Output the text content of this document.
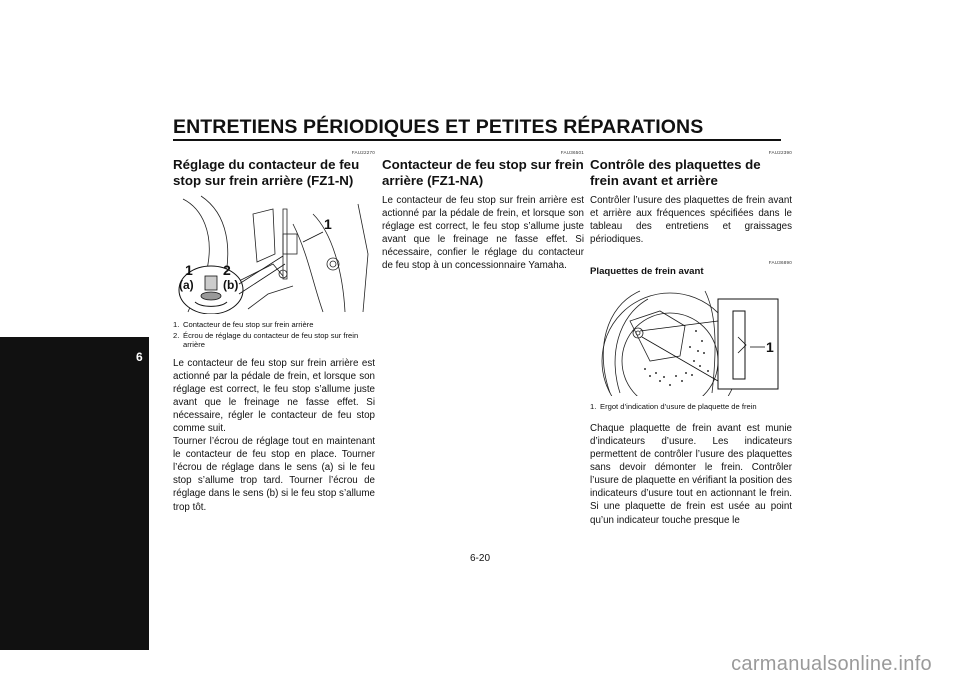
ENTRETIENS PÉRIODIQUES ET PETITES RÉPARATIONS
6
FAU22270
Réglage du contacteur de feu stop sur frein arrière (FZ1-N)
1
1 2
(a) (b)
1. Contacteur de feu stop sur frein arrière
2. Écrou de réglage du contacteur de feu stop sur frein arrière

Le contacteur de feu stop sur frein arrière est actionné par la pédale de frein, et lorsque son réglage est correct, le feu stop s’allume juste avant que le freinage ne fasse effet. Si nécessaire, régler le contacteur de feu stop comme suit.

Tourner l’écrou de réglage tout en maintenant le contacteur de feu stop en place. Tourner l’écrou de réglage dans le sens (a) si le feu stop s’allume trop tard. Tourner l’écrou de réglage dans le sens (b) si le feu stop s’allume trop tôt.

FAU36501
Contacteur de feu stop sur frein arrière (FZ1-NA)

Le contacteur de feu stop sur frein arrière est actionné par la pédale de frein, et lorsque son réglage est correct, le feu stop s’allume juste avant que le freinage ne fasse effet. Si nécessaire, confier le réglage du contacteur de feu stop à un concessionnaire Yamaha.

FAU22390
Contrôle des plaquettes de frein avant et arrière

Contrôler l’usure des plaquettes de frein avant et arrière aux fréquences spécifiées dans le tableau des entretiens et graissages périodiques.

FAU36890
Plaquettes de frein avant
1
1. Ergot d’indication d’usure de plaquette de frein

Chaque plaquette de frein avant est munie d’indicateurs d’usure. Les indicateurs permettent de contrôler l’usure des plaquettes sans devoir démonter le frein. Contrôler l’usure de plaquette en vérifiant la position des indicateurs d’usure tout en actionnant le frein. Si une plaquette de frein est usée au point qu’un indicateur touche presque le

6-20
carmanualsonline.info
